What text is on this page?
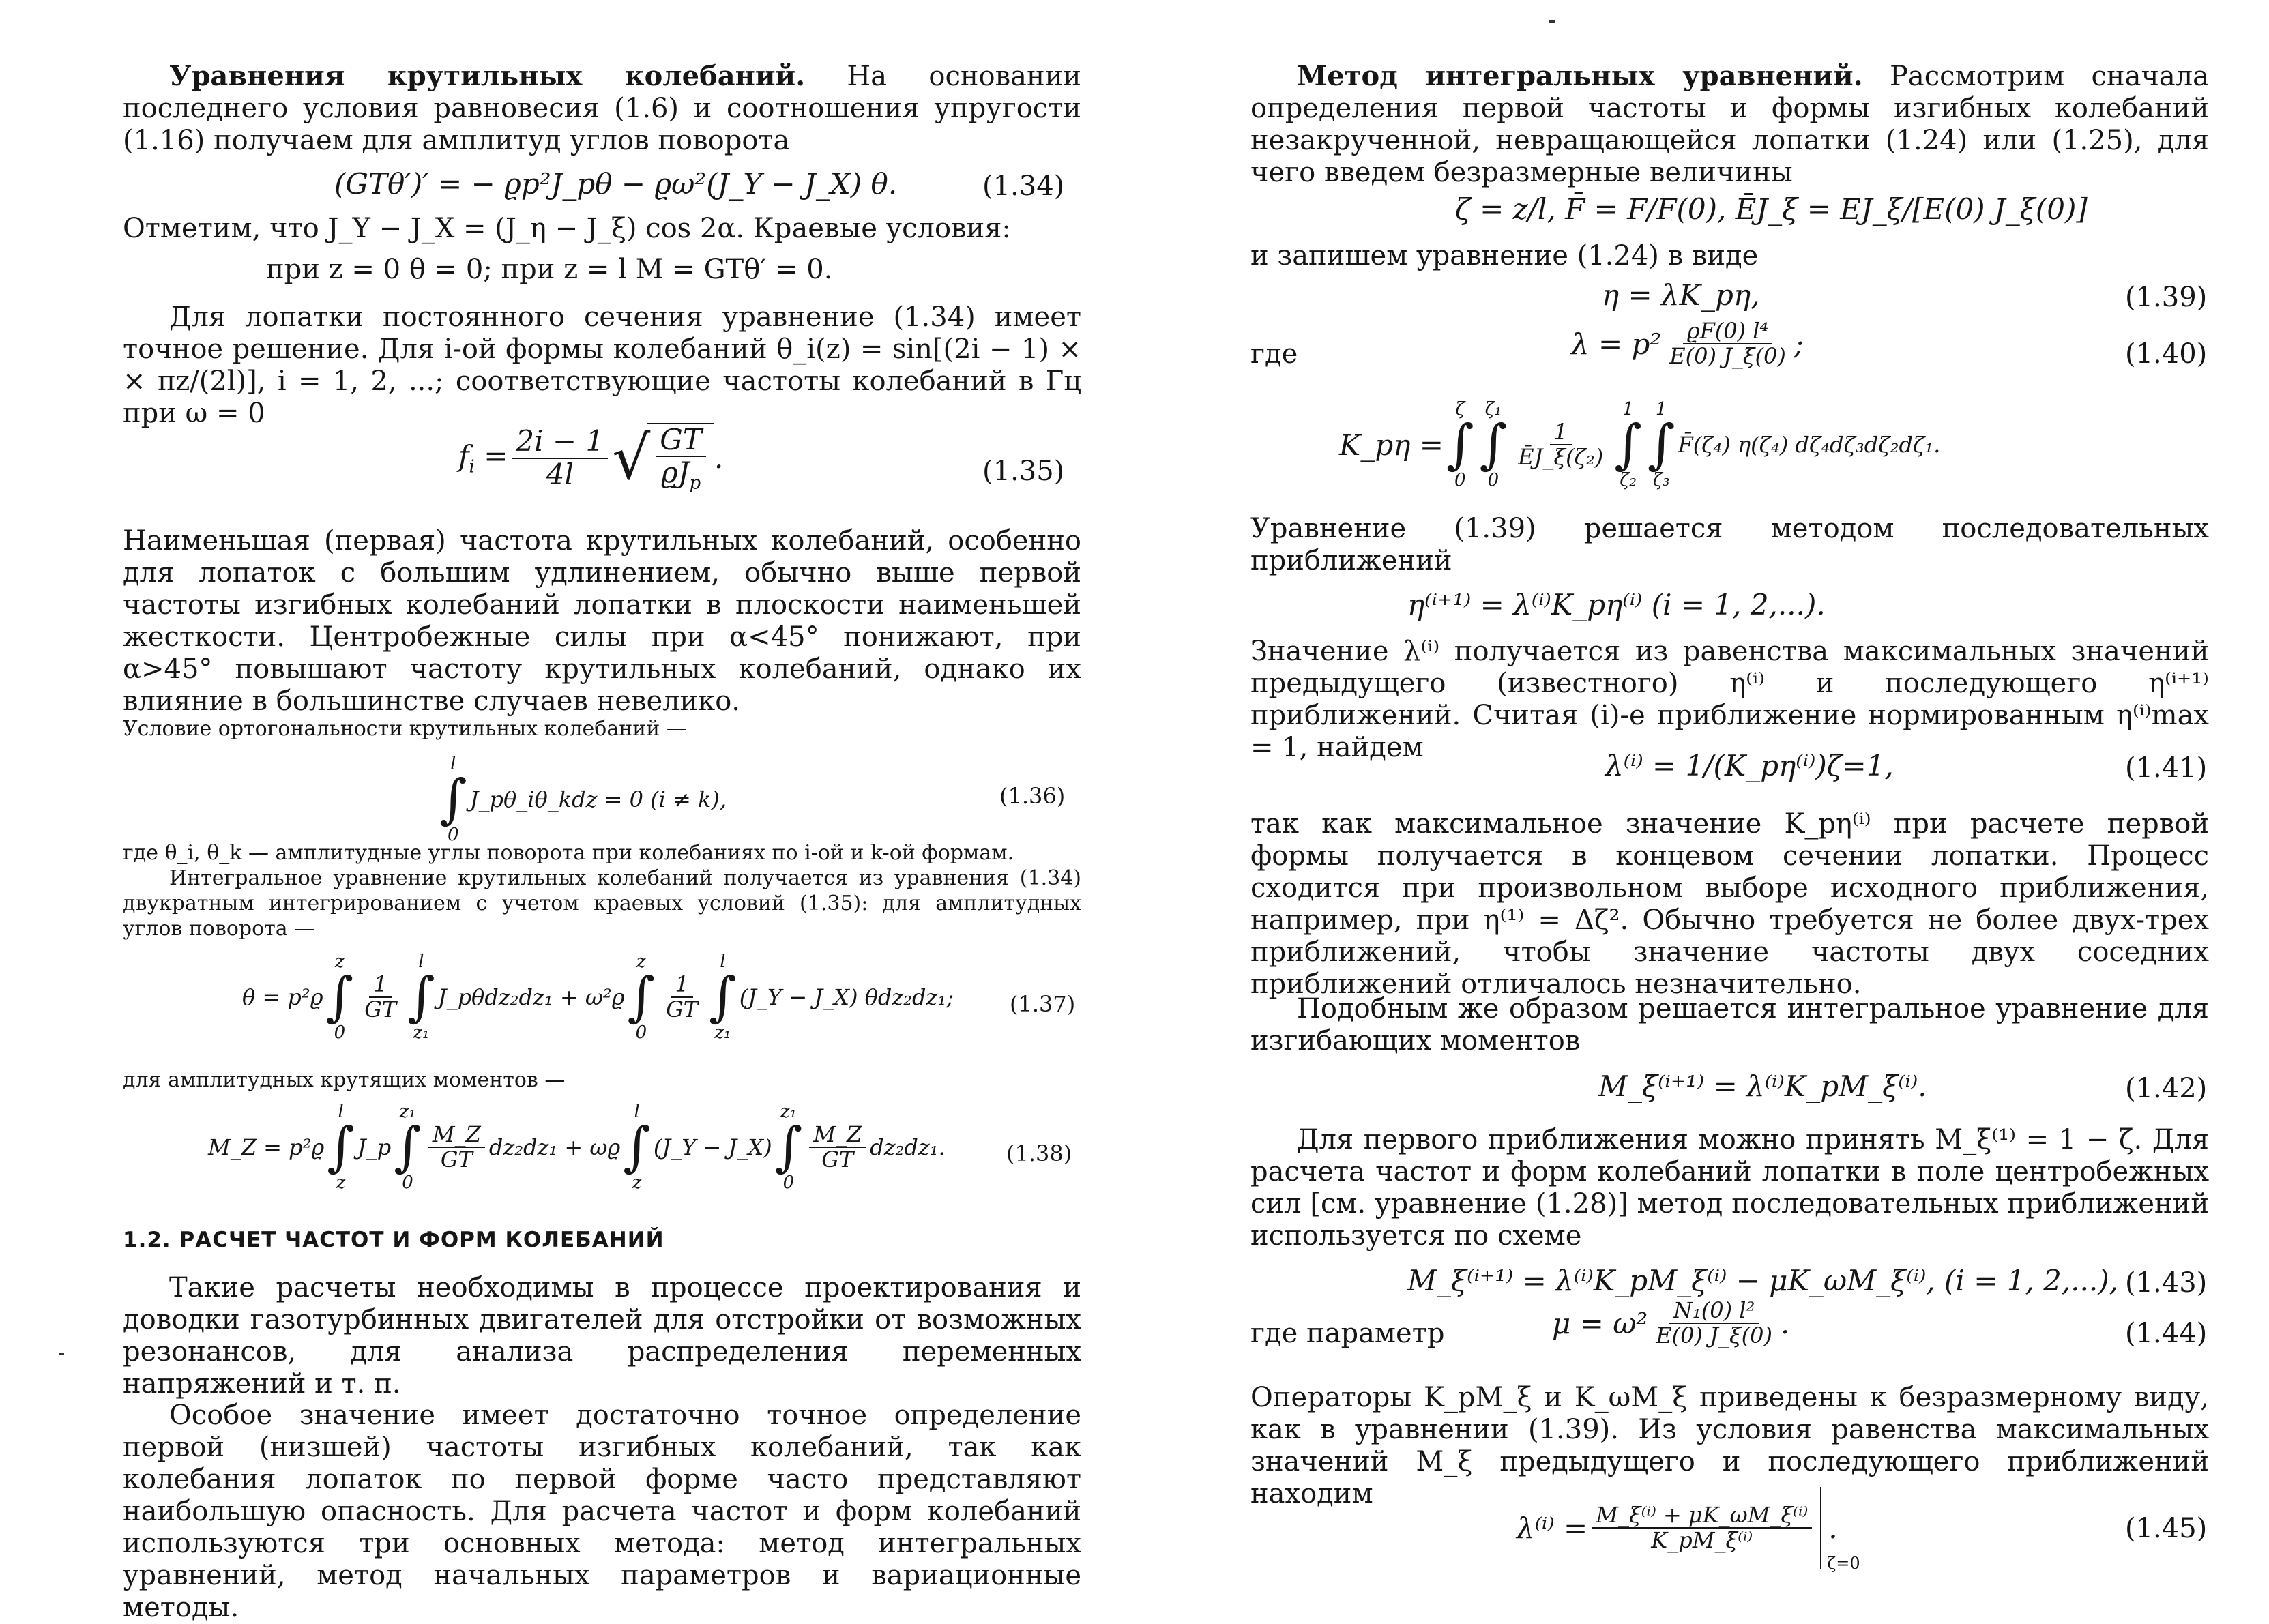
Уравнения крутильных колебаний. На основании последнего условия равновесия (1.6) и соотношения упругости (1.16) получаем для амплитуд углов поворота

(GTθ′)′ = − ϱp²J_pθ − ϱω²(J_Y − J_X) θ.	(1.34)

Отметим, что J_Y − J_X = (J_η − J_ξ) cos 2α. Краевые условия:

при z = 0 θ = 0; при z = l M = GTθ′ = 0.

Для лопатки постоянного сечения уравнение (1.34) имеет точное решение. Для i-ой формы колебаний θ_i(z) = sin[(2i − 1) × × πz/(2l)], i = 1, 2, ...; соответствующие частоты колебаний в Гц при ω = 0

$f_i = \frac{2i - 1}{4l}$ √ $\frac{GT}{ϱJ_p}$ .	(1.35)

Наименьшая (первая) частота крутильных колебаний, особенно для лопаток с большим удлинением, обычно выше первой частоты изгибных колебаний лопатки в плоскости наименьшей жесткости. Центробежные силы при α<45° понижают, при α>45° повышают частоту крутильных колебаний, однако их влияние в большинстве случаев невелико.

Условие ортогональности крутильных колебаний —

l
∫
0
J_pθ_iθ_kdz = 0 (i ≠ k),	(1.36)

где θ_i, θ_k — амплитудные углы поворота при колебаниях по i-ой и k-ой формам.

Интегральное уравнение крутильных колебаний получается из уравнения (1.34) двукратным интегрированием с учетом краевых условий (1.35): для амплитудных углов поворота —

θ = p²ϱ
z
∫
0
$\frac{1}{GT}$
l
∫
z₁
J_pθdz₂dz₁ + ω²ϱ
z
∫
0
$\frac{1}{GT}$
l
∫
z₁
(J_Y − J_X) θdz₂dz₁;	(1.37)

для амплитудных крутящих моментов —

M_Z = p²ϱ
l
∫
z
J_p
z₁
∫
0
$\frac{M\_Z}{GT} dz_2dz_1 + \omega ϱ$
l
∫
z
(J_Y − J_X)
z₁
∫
0
$\frac{M\_Z}{GT} dz_2dz_1$.	(1.38)
1.2. РАСЧЕТ ЧАСТОТ И ФОРМ КОЛЕБАНИЙ

Такие расчеты необходимы в процессе проектирования и доводки газотурбинных двигателей для отстройки от возможных резонансов, для анализа распределения переменных напряжений и т. п.

Особое значение имеет достаточно точное определение первой (низшей) частоты изгибных колебаний, так как колебания лопаток по первой форме часто представляют наибольшую опасность. Для расчета частот и форм колебаний используются три основных метода: метод интегральных уравнений, метод начальных параметров и вариационные методы.

Метод интегральных уравнений. Рассмотрим сначала определения первой частоты и формы изгибных колебаний незакрученной, невращающейся лопатки (1.24) или (1.25), для чего введем безразмерные величины

ζ = z/l, F̄ = F/F(0), ĒJ_ξ = EJ_ξ/[E(0) J_ξ(0)]

и запишем уравнение (1.24) в виде

η = λK_pη,	(1.39)
где	$\lambda = p^2 \frac{\text{ϱF(0) l⁴}}{E(0) J\_\xi(0)}$ ;	(1.40)
K_pη =
ζ
∫
0
ζ₁
∫
0
$\frac{1}{\text{ĒJ\_ξ(ζ₂)}}$
1
∫
ζ₂
1
∫
ζ₃
F̄(ζ₄) η(ζ₄) dζ₄dζ₃dζ₂dζ₁.

Уравнение (1.39) решается методом последовательных приближений

η⁽ⁱ⁺¹⁾ = λ⁽ⁱ⁾K_pη⁽ⁱ⁾ (i = 1, 2,...).

Значение λ⁽ⁱ⁾ получается из равенства максимальных значений предыдущего (известного) η⁽ⁱ⁾ и последующего η⁽ⁱ⁺¹⁾ приближений. Считая (i)-е приближение нормированным η⁽ⁱ⁾max = 1, найдем

λ⁽ⁱ⁾ = 1/(K_pη⁽ⁱ⁾)ζ=1,	(1.41)

так как максимальное значение K_pη⁽ⁱ⁾ при расчете первой формы получается в концевом сечении лопатки. Процесс сходится при произвольном выборе исходного приближения, например, при η⁽¹⁾ = Δζ². Обычно требуется не более двух-трех приближений, чтобы значение частоты двух соседних приближений отличалось незначительно.

Подобным же образом решается интегральное уравнение для изгибающих моментов

M_ξ⁽ⁱ⁺¹⁾ = λ⁽ⁱ⁾K_pM_ξ⁽ⁱ⁾.	(1.42)

Для первого приближения можно принять M_ξ⁽¹⁾ = 1 − ζ. Для расчета частот и форм колебаний лопатки в поле центробежных сил [см. уравнение (1.28)] метод последовательных приближений используется по схеме

M_ξ⁽ⁱ⁺¹⁾ = λ⁽ⁱ⁾K_pM_ξ⁽ⁱ⁾ − μK_ωM_ξ⁽ⁱ⁾, (i = 1, 2,...), (1.43)
где параметр	$\mu = \omega^2 \frac{\text{N₁(0) l²}}{E(0) J\_\xi(0)}$ .	(1.44)

Операторы K_pM_ξ и K_ωM_ξ приведены к безразмерному виду, как в уравнении (1.39). Из условия равенства максимальных значений M_ξ предыдущего и последующего приближений находим

$\lambda^{(i)} = \frac{\text{M\_ξ⁽ⁱ⁾ + μK\_ωM\_ξ⁽ⁱ⁾}}{\text{K\_pM\_ξ⁽ⁱ⁾}}$
ζ=0
.	(1.45)
